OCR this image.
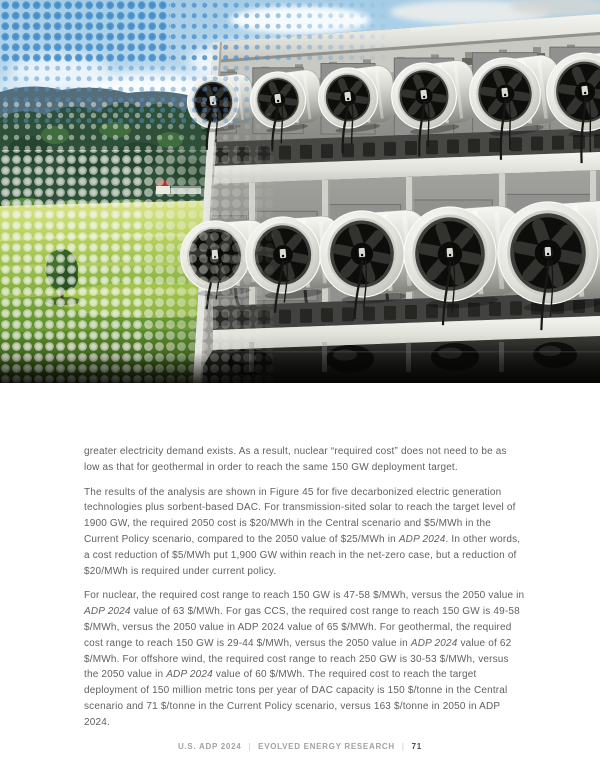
greater electricity demand exists. As a result, nuclear “required cost” does not need to be as low as that for geothermal in order to reach the same 150 GW deployment target.

The results of the analysis are shown in Figure 45 for five decarbonized electric generation technologies plus sorbent-based DAC. For transmission-sited solar to reach the target level of 1900 GW, the required 2050 cost is $20/MWh in the Central scenario and $5/MWh in the Current Policy scenario, compared to the 2050 value of $25/MWh in ADP 2024. In other words, a cost reduction of $5/MWh put 1,900 GW within reach in the net-zero case, but a reduction of $20/MWh is required under current policy.

For nuclear, the required cost range to reach 150 GW is 47-58 $/MWh, versus the 2050 value in ADP 2024 value of 63 $/MWh. For gas CCS, the required cost range to reach 150 GW is 49-58 $/MWh, versus the 2050 value in ADP 2024 value of 65 $/MWh. For geothermal, the required cost range to reach 150 GW is 29-44 $/MWh, versus the 2050 value in ADP 2024 value of 62 $/MWh. For offshore wind, the required cost range to reach 250 GW is 30-53 $/MWh, versus the 2050 value in ADP 2024 value of 60 $/MWh. The required cost to reach the target deployment of 150 million metric tons per year of DAC capacity is 150 $/tonne in the Central scenario and 71 $/tonne in the Current Policy scenario, versus 163 $/tonne in 2050 in ADP 2024.

U.S. ADP 2024 | EVOLVED ENERGY RESEARCH | 71
